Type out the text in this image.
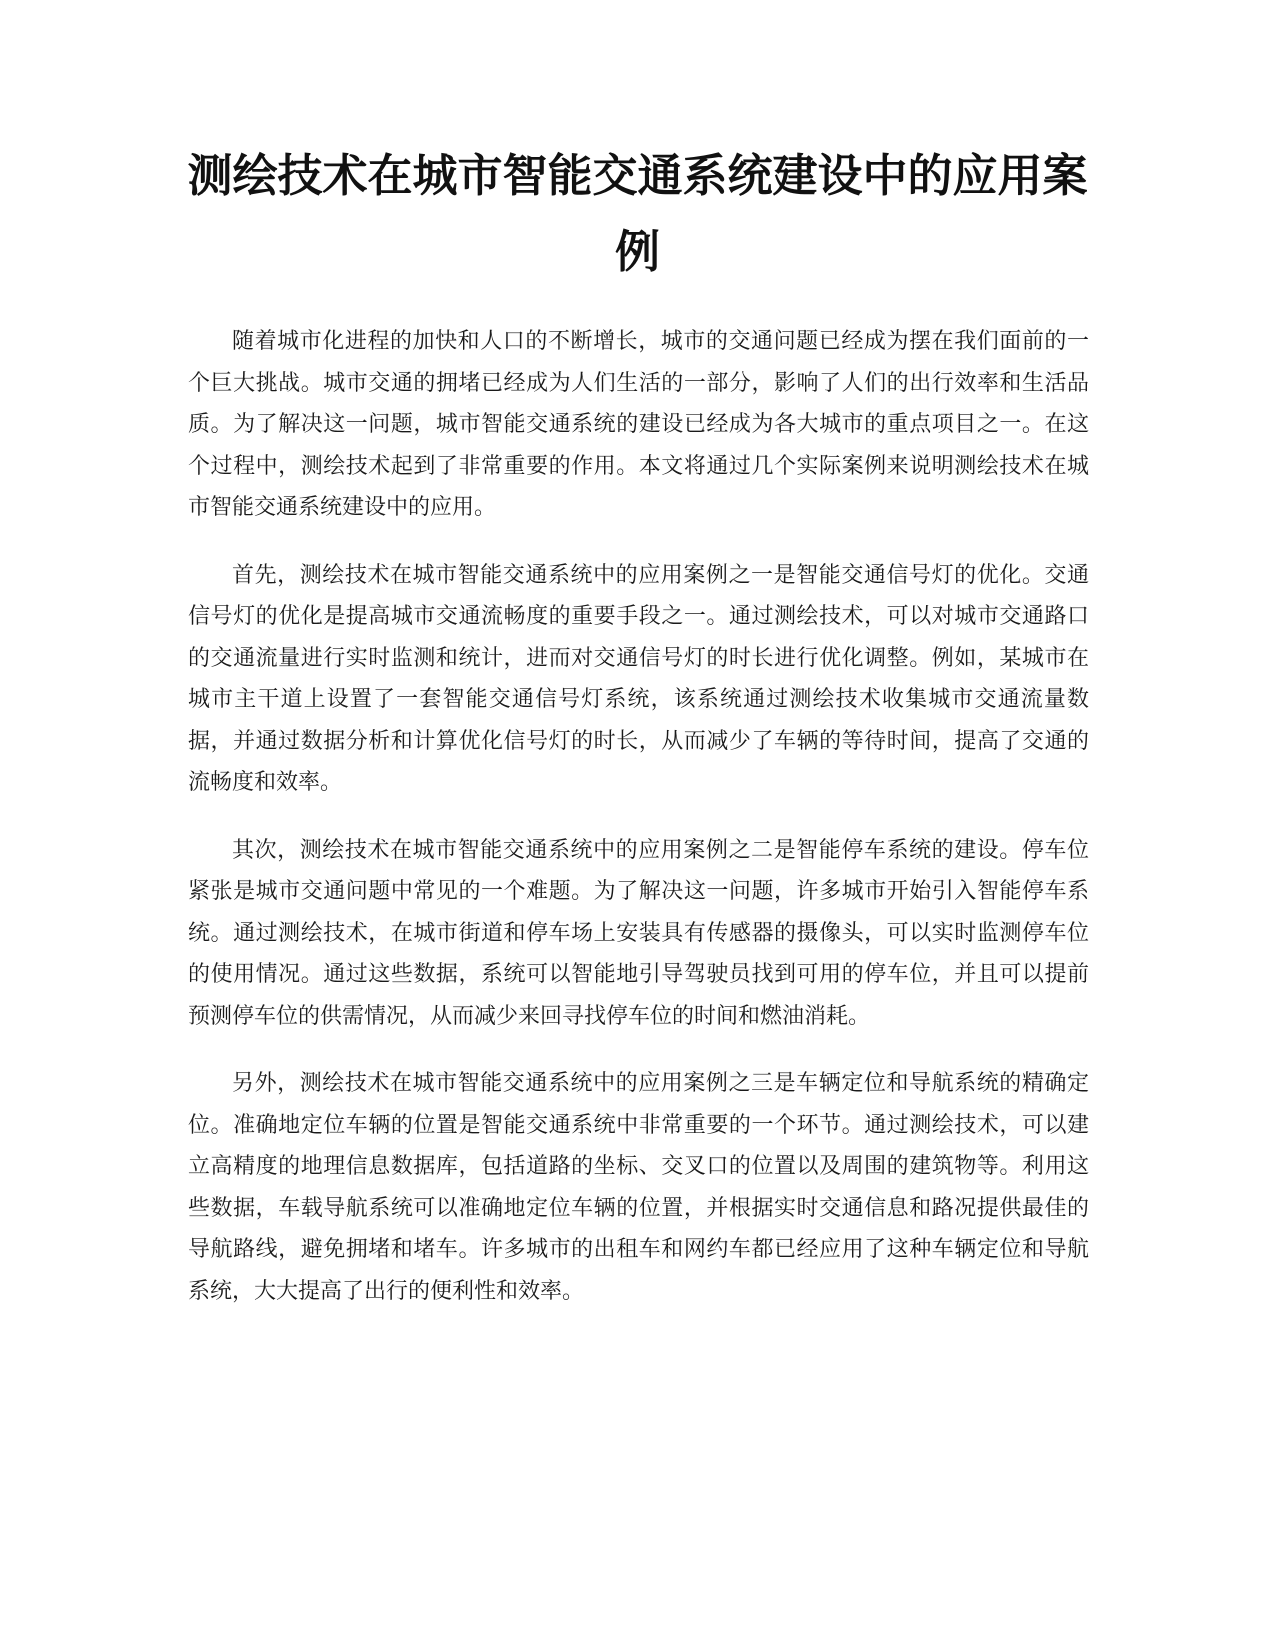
测绘技术在城市智能交通系统建设中的应用案例

随着城市化进程的加快和人口的不断增长，城市的交通问题已经成为摆在我们面前的一个巨大挑战。城市交通的拥堵已经成为人们生活的一部分，影响了人们的出行效率和生活品质。为了解决这一问题，城市智能交通系统的建设已经成为各大城市的重点项目之一。在这个过程中，测绘技术起到了非常重要的作用。本文将通过几个实际案例来说明测绘技术在城市智能交通系统建设中的应用。

首先，测绘技术在城市智能交通系统中的应用案例之一是智能交通信号灯的优化。交通信号灯的优化是提高城市交通流畅度的重要手段之一。通过测绘技术，可以对城市交通路口的交通流量进行实时监测和统计，进而对交通信号灯的时长进行优化调整。例如，某城市在城市主干道上设置了一套智能交通信号灯系统，该系统通过测绘技术收集城市交通流量数据，并通过数据分析和计算优化信号灯的时长，从而减少了车辆的等待时间，提高了交通的流畅度和效率。

其次，测绘技术在城市智能交通系统中的应用案例之二是智能停车系统的建设。停车位紧张是城市交通问题中常见的一个难题。为了解决这一问题，许多城市开始引入智能停车系统。通过测绘技术，在城市街道和停车场上安装具有传感器的摄像头，可以实时监测停车位的使用情况。通过这些数据，系统可以智能地引导驾驶员找到可用的停车位，并且可以提前预测停车位的供需情况，从而减少来回寻找停车位的时间和燃油消耗。

另外，测绘技术在城市智能交通系统中的应用案例之三是车辆定位和导航系统的精确定位。准确地定位车辆的位置是智能交通系统中非常重要的一个环节。通过测绘技术，可以建立高精度的地理信息数据库，包括道路的坐标、交叉口的位置以及周围的建筑物等。利用这些数据，车载导航系统可以准确地定位车辆的位置，并根据实时交通信息和路况提供最佳的导航路线，避免拥堵和堵车。许多城市的出租车和网约车都已经应用了这种车辆定位和导航系统，大大提高了出行的便利性和效率。
